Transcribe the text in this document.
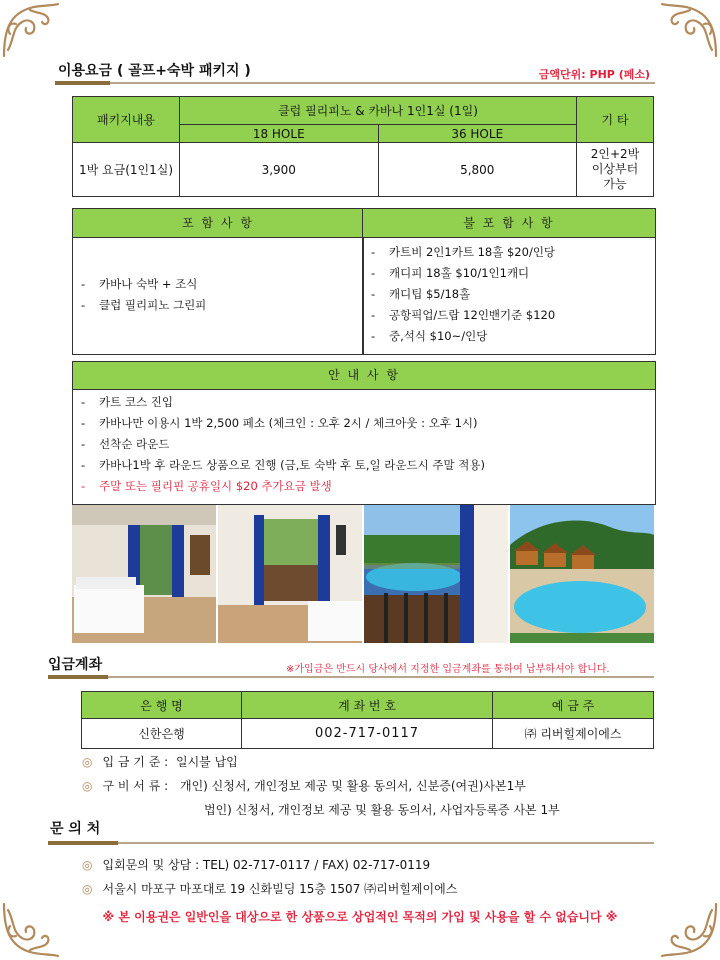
이용요금 ( 골프+숙박 패키지 )	금액단위: PHP (페소)
패키지내용	클럽 필리피노 & 카바나 1인1실 (1일)		기 타
	18 HOLE	36 HOLE	
1박 요금(1인1실)	3,900	5,800	2인+2박
이상부터
가능
포 함 사 항
- 카바나 숙박 + 조식
- 클럽 필리피노 그린피
불 포 함 사 항
- 카트비 2인1카트 18홀 $20/인당
- 캐디피 18홀 $10/1인1캐디
- 캐디팁 $5/18홀
- 공항픽업/드랍 12인밴기준 $120
- 중,석식 $10~/인당
안 내 사 항
- 카트 코스 진입
- 카바나만 이용시 1박 2,500 페소 (체크인 : 오후 2시 / 체크아웃 : 오후 1시)
- 선착순 라운드
- 카바나1박 후 라운드 상품으로 진행 (금,토 숙박 후 토,일 라운드시 주말 적용)
- 주말 또는 필리핀 공휴일시 $20 추가요금 발생
입금계좌	※가입금은 반드시 당사에서 지정한 입금계좌를 통하여 납부하셔야 합니다.
은 행 명	계 좌 번 호	예 금 주
신한은행	002-717-0117	㈜ 리버힐제이에스
◎ 입 금 기 준 : 일시불 납입
◎ 구 비 서 류 : 개인) 신청서, 개인정보 제공 및 활용 동의서, 신분증(여권)사본1부
법인) 신청서, 개인정보 제공 및 활용 동의서, 사업자등록증 사본 1부
문 의 처
◎ 입회문의 및 상담 : TEL) 02-717-0117 / FAX) 02-717-0119
◎ 서울시 마포구 마포대로 19 신화빌딩 15층 1507 ㈜리버힐제이에스
※ 본 이용권은 일반인을 대상으로 한 상품으로 상업적인 목적의 가입 및 사용을 할 수 없습니다 ※
